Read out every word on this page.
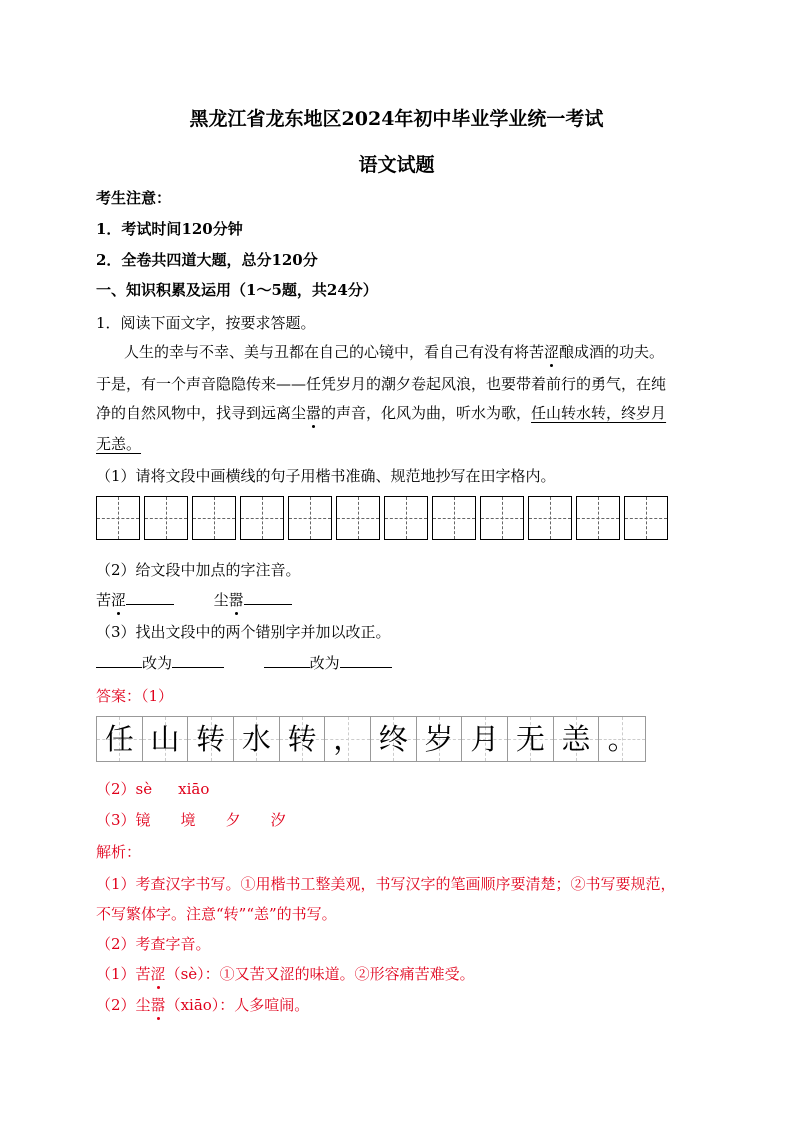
黑龙江省龙东地区2024年初中毕业学业统一考试
语文试题
考生注意：
1．考试时间120分钟
2．全卷共四道大题，总分120分
一、知识积累及运用（1～5题，共24分）
1．阅读下面文字，按要求答题。
人生的幸与不幸、美与丑都在自己的心镜中，看自己有没有将苦涩酿成酒的功夫。
于是，有一个声音隐隐传来——任凭岁月的潮夕卷起风浪，也要带着前行的勇气，在纯
净的自然风物中，找寻到远离尘嚣的声音，化风为曲，听水为歌，任山转水转，终岁月
无恙。
（1）请将文段中画横线的句子用楷书准确、规范地抄写在田字格内。
（2）给文段中加点的字注音。
苦涩	尘嚣
（3）找出文段中的两个错别字并加以改正。
改为	改为
答案：（1）
任 山 转 水 转 ， 终 岁 月 无 恙 。
（2）sè xiāo
（3）镜 境 夕 汐
解析：
（1）考查汉字书写。①用楷书工整美观，书写汉字的笔画顺序要清楚；②书写要规范，
不写繁体字。注意“转”“恙”的书写。
（2）考查字音。
（1）苦涩（sè）：①又苦又涩的味道。②形容痛苦难受。
（2）尘嚣（xiāo）：人多喧闹。
